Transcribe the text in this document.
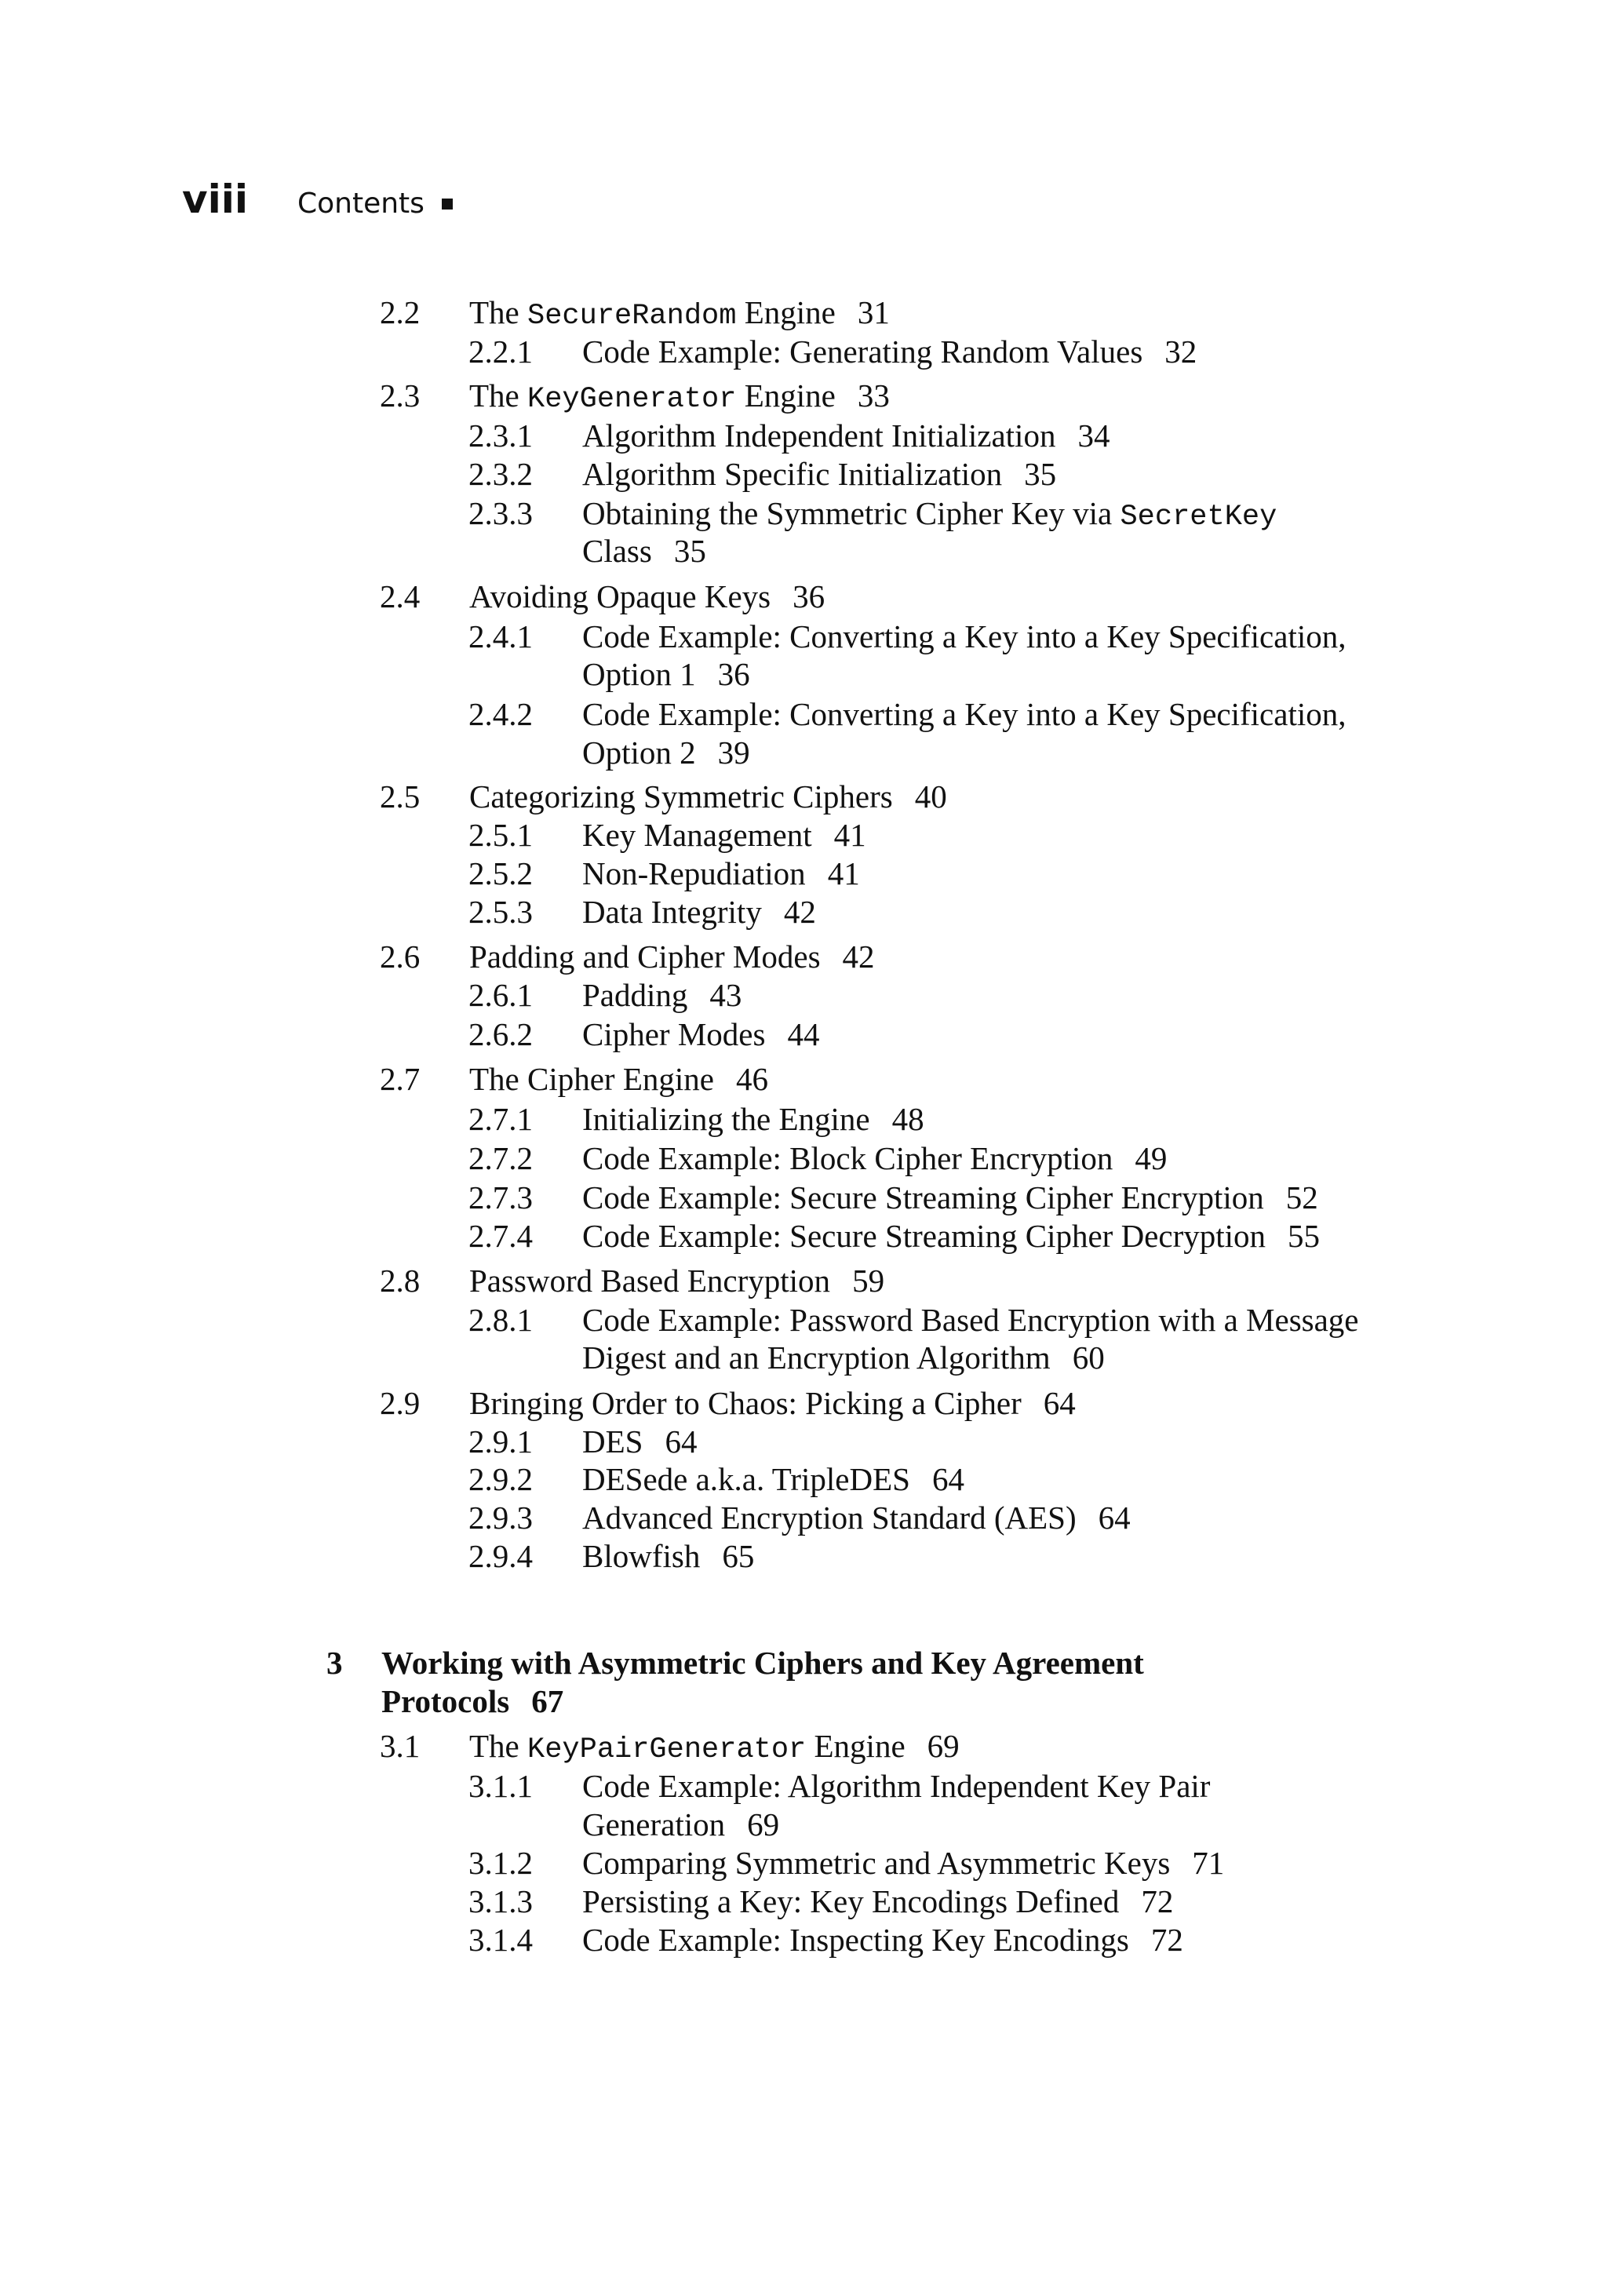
viii Contents
2.2 The SecureRandom Engine 31
2.2.1 Code Example: Generating Random Values 32
2.3 The KeyGenerator Engine 33
2.3.1 Algorithm Independent Initialization 34
2.3.2 Algorithm Specific Initialization 35
2.3.3 Obtaining the Symmetric Cipher Key via SecretKey
Class 35
2.4 Avoiding Opaque Keys 36
2.4.1 Code Example: Converting a Key into a Key Specification,
Option 1 36
2.4.2 Code Example: Converting a Key into a Key Specification,
Option 2 39
2.5 Categorizing Symmetric Ciphers 40
2.5.1 Key Management 41
2.5.2 Non-Repudiation 41
2.5.3 Data Integrity 42
2.6 Padding and Cipher Modes 42
2.6.1 Padding 43
2.6.2 Cipher Modes 44
2.7 The Cipher Engine 46
2.7.1 Initializing the Engine 48
2.7.2 Code Example: Block Cipher Encryption 49
2.7.3 Code Example: Secure Streaming Cipher Encryption 52
2.7.4 Code Example: Secure Streaming Cipher Decryption 55
2.8 Password Based Encryption 59
2.8.1 Code Example: Password Based Encryption with a Message
Digest and an Encryption Algorithm 60
2.9 Bringing Order to Chaos: Picking a Cipher 64
2.9.1 DES 64
2.9.2 DESede a.k.a. TripleDES 64
2.9.3 Advanced Encryption Standard (AES) 64
2.9.4 Blowfish 65
3 Working with Asymmetric Ciphers and Key Agreement
Protocols 67
3.1 The KeyPairGenerator Engine 69
3.1.1 Code Example: Algorithm Independent Key Pair
Generation 69
3.1.2 Comparing Symmetric and Asymmetric Keys 71
3.1.3 Persisting a Key: Key Encodings Defined 72
3.1.4 Code Example: Inspecting Key Encodings 72
